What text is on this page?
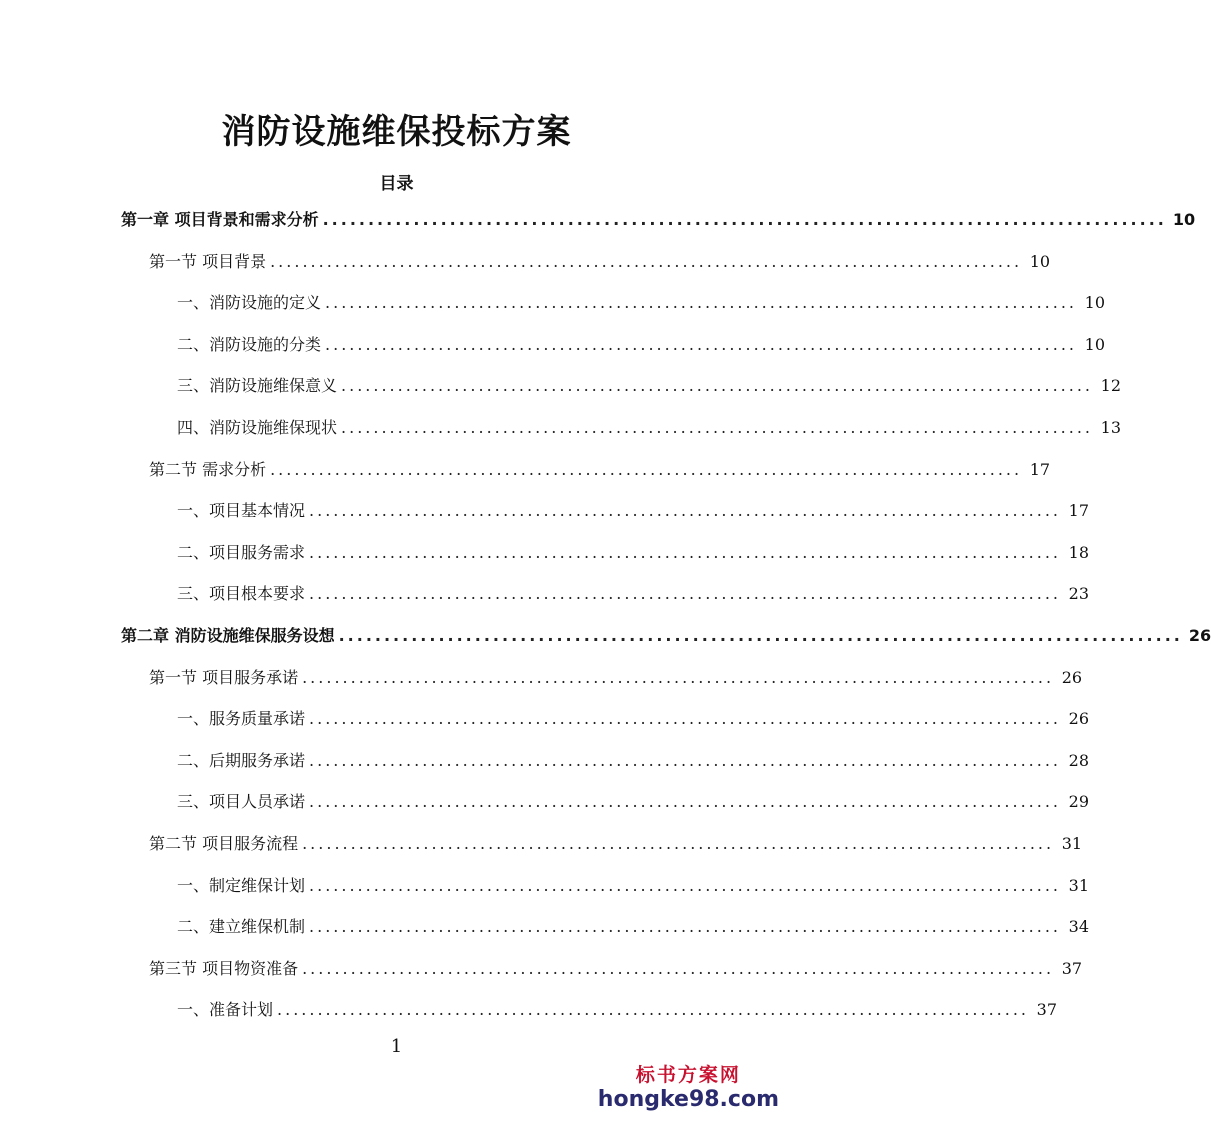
消防设施维保投标方案
目录
第一章 项目背景和需求分析 ............................................................................................. 10
第一节 项目背景 ............................................................................................. 10
一、消防设施的定义 ............................................................................................. 10
二、消防设施的分类 ............................................................................................. 10
三、消防设施维保意义 ............................................................................................. 12
四、消防设施维保现状 ............................................................................................. 13
第二节 需求分析 ............................................................................................. 17
一、项目基本情况 ............................................................................................. 17
二、项目服务需求 ............................................................................................. 18
三、项目根本要求 ............................................................................................. 23
第二章 消防设施维保服务设想 ............................................................................................. 26
第一节 项目服务承诺 ............................................................................................. 26
一、服务质量承诺 ............................................................................................. 26
二、后期服务承诺 ............................................................................................. 28
三、项目人员承诺 ............................................................................................. 29
第二节 项目服务流程 ............................................................................................. 31
一、制定维保计划 ............................................................................................. 31
二、建立维保机制 ............................................................................................. 34
第三节 项目物资准备 ............................................................................................. 37
一、准备计划 ............................................................................................. 37
1
标书方案网
hongke98.com
